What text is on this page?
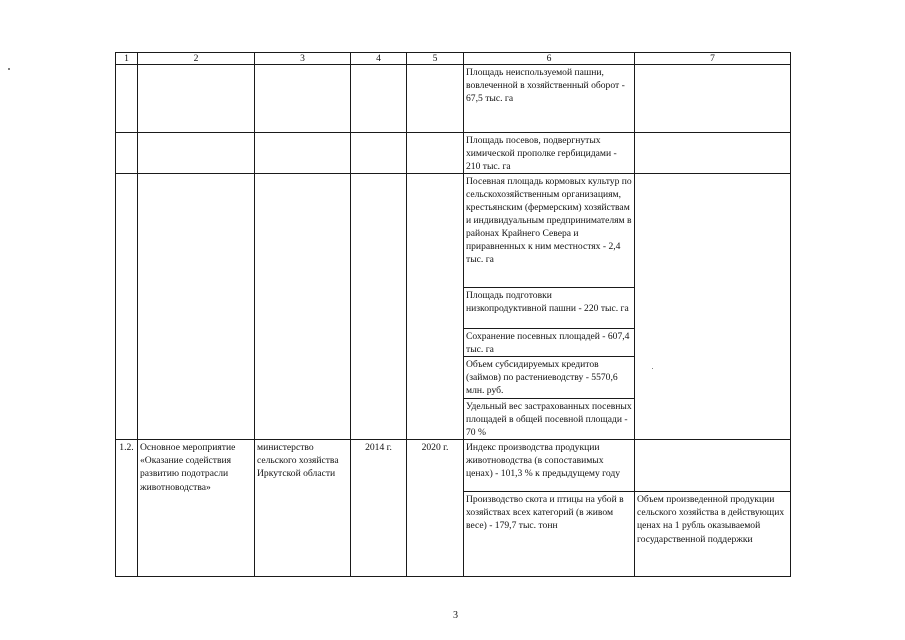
1	2	3	4	5	6	7
					Площадь неиспользуемой пашни, вовлеченной в хозяйственный оборот - 67,5 тыс. га	
					Площадь посевов, подвергнутых химической прополке гербицидами - 210 тыс. га	
					Посевная площадь кормовых культур по сельскохозяйственным организациям, крестьянским (фермерским) хозяйствам и индивидуальным предпринимателям в районах Крайнего Севера и приравненных к ним местностях - 2,4 тыс. га	
					Площадь подготовки низкопродуктивной пашни - 220 тыс. га	
					Сохранение посевных площадей - 607,4 тыс. га	
					Объем субсидируемых кредитов (займов) по растениеводству - 5570,6 млн. руб.	
					Удельный вес застрахованных посевных площадей в общей посевной площади - 70 %	
1.2.	Основное мероприятие «Оказание содействия развитию подотрасли животноводства»	министерство сельского хозяйства Иркутской области	2014 г.	2020 г.	Индекс производства продукции животноводства (в сопоставимых ценах) - 101,3 % к предыдущему году	
					Производство скота и птицы на убой в хозяйствах всех категорий (в живом весе) - 179,7 тыс. тонн	Объем произведенной продукции сельского хозяйства в действующих ценах на 1 рубль оказываемой государственной поддержки
3
